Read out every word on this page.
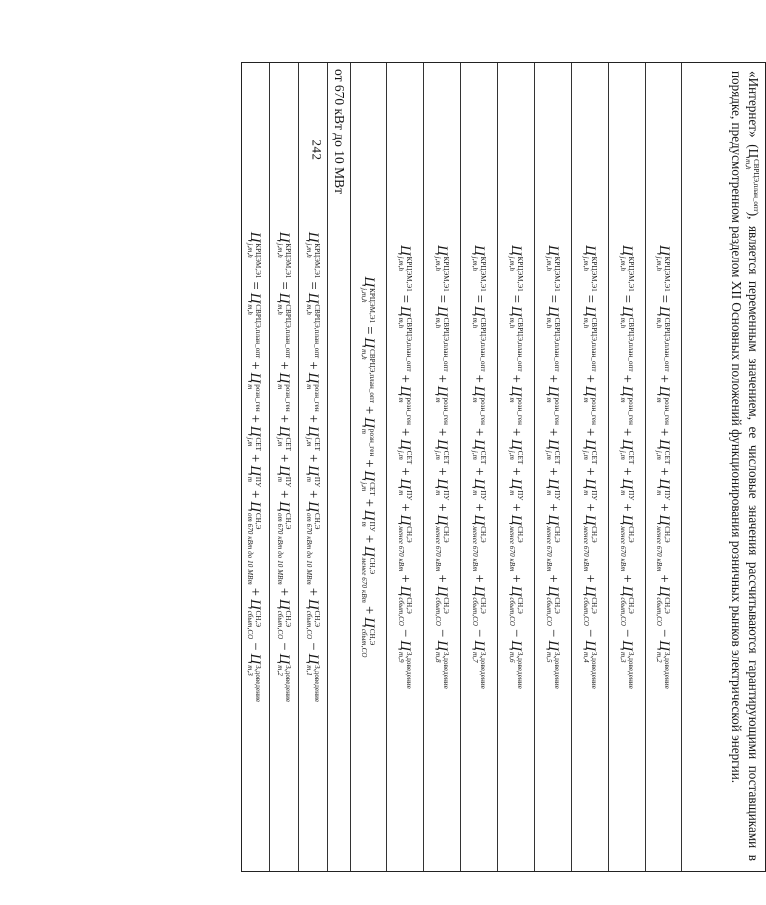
242
«Интернет» (Ц
СВРЦЭ,план_опт
m,h
), является переменным значением, ее числовые значения рассчитываются гарантирующими поставщиками в порядке, предусмотренном разделом XII Основных положений функционирования розничных рынков электрической энергии.
Ц
КРЦЭМ,Э1
j,m,h
=Ц
СВРЦЭ,план_опт
m,h
+Ц
розн_ген
m
+Ц
СЕТ
j,m
+Ц
ПУ
m
+Ц
СН,Э
менее 670 кВт
+Ц
СН,Э
сбыт,СО
−Ц
З,доведение
m,2
Ц
КРЦЭМ,Э1
j,m,h
=Ц
СВРЦЭ,план_опт
m,h
+Ц
розн_ген
m
+Ц
СЕТ
j,m
+Ц
ПУ
m
+Ц
СН,Э
менее 670 кВт
+Ц
СН,Э
сбыт,СО
−Ц
З,доведение
m,3
Ц
КРЦЭМ,Э1
j,m,h
=Ц
СВРЦЭ,план_опт
m,h
+Ц
розн_ген
m
+Ц
СЕТ
j,m
+Ц
ПУ
m
+Ц
СН,Э
менее 670 кВт
+Ц
СН,Э
сбыт,СО
−Ц
З,доведение
m,4
Ц
КРЦЭМ,Э1
j,m,h
=Ц
СВРЦЭ,план_опт
m,h
+Ц
розн_ген
m
+Ц
СЕТ
j,m
+Ц
ПУ
m
+Ц
СН,Э
менее 670 кВт
+Ц
СН,Э
сбыт,СО
−Ц
З,доведение
m,5
Ц
КРЦЭМ,Э1
j,m,h
=Ц
СВРЦЭ,план_опт
m,h
+Ц
розн_ген
m
+Ц
СЕТ
j,m
+Ц
ПУ
m
+Ц
СН,Э
менее 670 кВт
+Ц
СН,Э
сбыт,СО
−Ц
З,доведение
m,6
Ц
КРЦЭМ,Э1
j,m,h
=Ц
СВРЦЭ,план_опт
m,h
+Ц
розн_ген
m
+Ц
СЕТ
j,m
+Ц
ПУ
m
+Ц
СН,Э
менее 670 кВт
+Ц
СН,Э
сбыт,СО
−Ц
З,доведение
m,7
Ц
КРЦЭМ,Э1
j,m,h
=Ц
СВРЦЭ,план_опт
m,h
+Ц
розн_ген
m
+Ц
СЕТ
j,m
+Ц
ПУ
m
+Ц
СН,Э
менее 670 кВт
+Ц
СН,Э
сбыт,СО
−Ц
З,доведение
m,8
Ц
КРЦЭМ,Э1
j,m,h
=Ц
СВРЦЭ,план_опт
m,h
+Ц
розн_ген
m
+Ц
СЕТ
j,m
+Ц
ПУ
m
+Ц
СН,Э
менее 670 кВт
+Ц
СН,Э
сбыт,СО
−Ц
З,доведение
m,9
Ц
КРЦЭМ,Э1
j,m,h
=Ц
СВРЦЭ,план_опт
m,h
+Ц
розн_ген
m
+Ц
СЕТ
j,m
+Ц
ПУ
m
+Ц
СН,Э
менее 670 кВт
+Ц
СН,Э
сбыт,СО
от 670 кВт до 10 МВт
Ц
КРЦЭМ,Э1
j,m,h
=Ц
СВРЦЭ,план_опт
m,h
+Ц
розн_ген
m
+Ц
СЕТ
j,m
+Ц
ПУ
m
+Ц
СН,Э
от 670 кВт до 10 МВт
+Ц
СН,Э
сбыт,СО
−Ц
З,доведение
m,1
Ц
КРЦЭМ,Э1
j,m,h
=Ц
СВРЦЭ,план_опт
m,h
+Ц
розн_ген
m
+Ц
СЕТ
j,m
+Ц
ПУ
m
+Ц
СН,Э
от 670 кВт до 10 МВт
+Ц
СН,Э
сбыт,СО
−Ц
З,доведение
m,2
Ц
КРЦЭМ,Э1
j,m,h
=Ц
СВРЦЭ,план_опт
m,h
+Ц
розн_ген
m
+Ц
СЕТ
j,m
+Ц
ПУ
m
+Ц
СН,Э
от 670 кВт до 10 МВт
+Ц
СН,Э
сбыт,СО
−Ц
З,доведение
m,3
